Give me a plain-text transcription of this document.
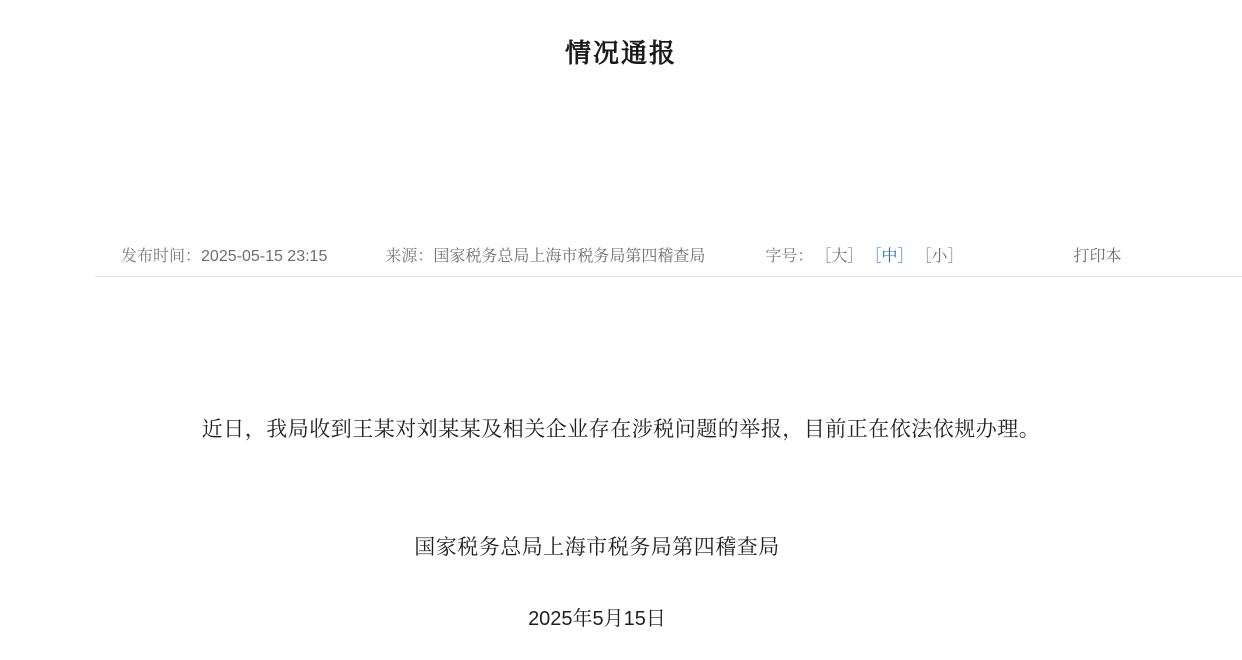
情况通报
发布时间： 2025-05-15 23:15	来源： 国家税务总局上海市税务局第四稽查局	字号： ［大］ ［中］ ［小］	打印本

近日，我局收到王某对刘某某及相关企业存在涉税问题的举报，目前正在依法依规办理。

国家税务总局上海市税务局第四稽查局
2025年5月15日
